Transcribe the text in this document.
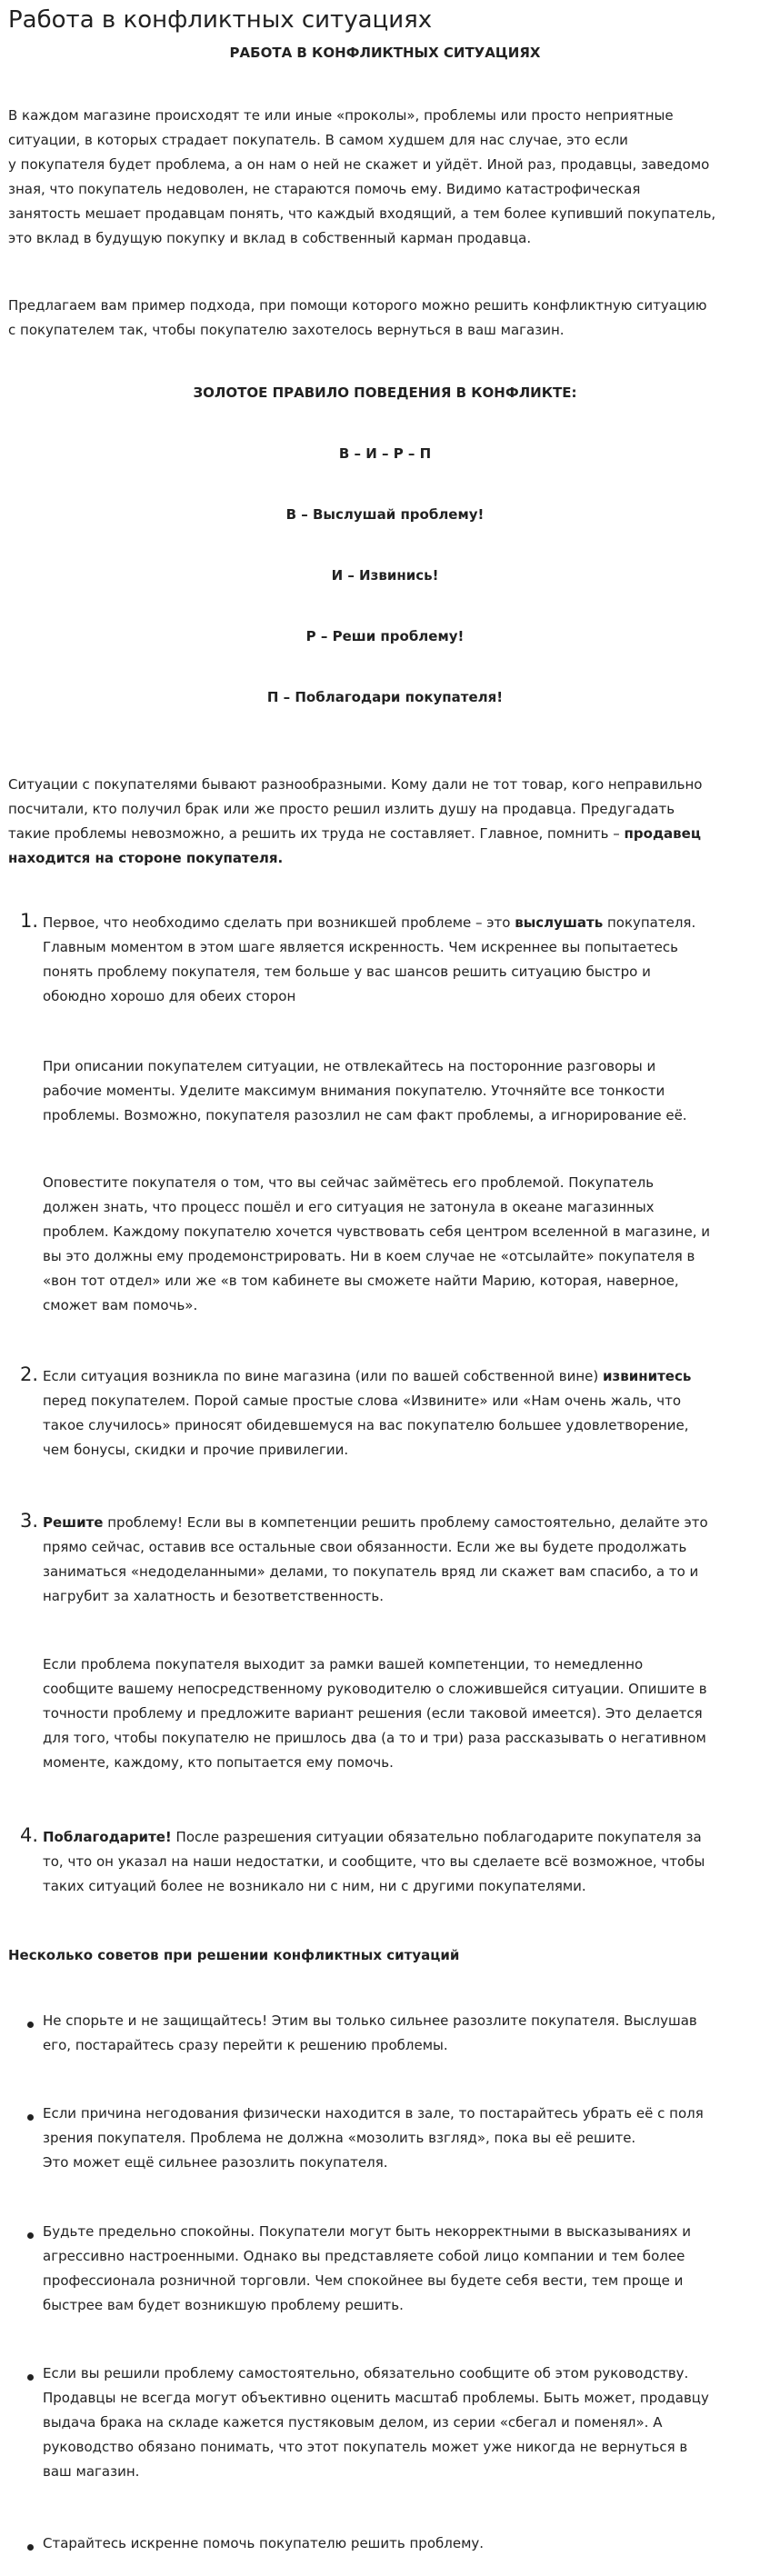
Работа в конфликтных ситуациях

РАБОТА В КОНФЛИКТНЫХ СИТУАЦИЯХ

В каждом магазине происходят те или иные «проколы», проблемы или просто неприятные
ситуации, в которых страдает покупатель. В самом худшем для нас случае, это если
у покупателя будет проблема, а он нам о ней не скажет и уйдёт. Иной раз, продавцы, заведомо
зная, что покупатель недоволен, не стараются помочь ему. Видимо катастрофическая
занятость мешает продавцам понять, что каждый входящий, а тем более купивший покупатель,
это вклад в будущую покупку и вклад в собственный карман продавца.
Предлагаем вам пример подхода, при помощи которого можно решить конфликтную ситуацию
с покупателем так, чтобы покупателю захотелось вернуться в ваш магазин.

ЗОЛОТОЕ ПРАВИЛО ПОВЕДЕНИЯ В КОНФЛИКТЕ:

В – И – Р – П

В – Выслушай проблему!

И – Извинись!

Р – Реши проблему!

П – Поблагодари покупателя!

Ситуации с покупателями бывают разнообразными. Кому дали не тот товар, кого неправильно
посчитали, кто получил брак или же просто решил излить душу на продавца. Предугадать
такие проблемы невозможно, а решить их труда не составляет. Главное, помнить – продавец
находится на стороне покупателя.
1. Первое, что необходимо сделать при возникшей проблеме – это выслушать покупателя.
Главным моментом в этом шаге является искренность. Чем искреннее вы попытаетесь
понять проблему покупателя, тем больше у вас шансов решить ситуацию быстро и
обоюдно хорошо для обеих сторон
При описании покупателем ситуации, не отвлекайтесь на посторонние разговоры и
рабочие моменты. Уделите максимум внимания покупателю. Уточняйте все тонкости
проблемы. Возможно, покупателя разозлил не сам факт проблемы, а игнорирование её.
Оповестите покупателя о том, что вы сейчас займётесь его проблемой. Покупатель
должен знать, что процесс пошёл и его ситуация не затонула в океане магазинных
проблем. Каждому покупателю хочется чувствовать себя центром вселенной в магазине, и
вы это должны ему продемонстрировать. Ни в коем случае не «отсылайте» покупателя в
«вон тот отдел» или же «в том кабинете вы сможете найти Марию, которая, наверное,
сможет вам помочь».
2. Если ситуация возникла по вине магазина (или по вашей собственной вине) извинитесь
перед покупателем. Порой самые простые слова «Извините» или «Нам очень жаль, что
такое случилось» приносят обидевшемуся на вас покупателю большее удовлетворение,
чем бонусы, скидки и прочие привилегии.
3. Решите проблему! Если вы в компетенции решить проблему самостоятельно, делайте это
прямо сейчас, оставив все остальные свои обязанности. Если же вы будете продолжать
заниматься «недоделанными» делами, то покупатель вряд ли скажет вам спасибо, а то и
нагрубит за халатность и безответственность.
Если проблема покупателя выходит за рамки вашей компетенции, то немедленно
сообщите вашему непосредственному руководителю о сложившейся ситуации. Опишите в
точности проблему и предложите вариант решения (если таковой имеется). Это делается
для того, чтобы покупателю не пришлось два (а то и три) раза рассказывать о негативном
моменте, каждому, кто попытается ему помочь.
4. Поблагодарите! После разрешения ситуации обязательно поблагодарите покупателя за
то, что он указал на наши недостатки, и сообщите, что вы сделаете всё возможное, чтобы
таких ситуаций более не возникало ни с ним, ни с другими покупателями.

Несколько советов при решении конфликтных ситуаций

Не спорьте и не защищайтесь! Этим вы только сильнее разозлите покупателя. Выслушав
его, постарайтесь сразу перейти к решению проблемы.
Если причина негодования физически находится в зале, то постарайтесь убрать её с поля
зрения покупателя. Проблема не должна «мозолить взгляд», пока вы её решите.
Это может ещё сильнее разозлить покупателя.
Будьте предельно спокойны. Покупатели могут быть некорректными в высказываниях и
агрессивно настроенными. Однако вы представляете собой лицо компании и тем более
профессионала розничной торговли. Чем спокойнее вы будете себя вести, тем проще и
быстрее вам будет возникшую проблему решить.
Если вы решили проблему самостоятельно, обязательно сообщите об этом руководству.
Продавцы не всегда могут объективно оценить масштаб проблемы. Быть может, продавцу
выдача брака на складе кажется пустяковым делом, из серии «сбегал и поменял». А
руководство обязано понимать, что этот покупатель может уже никогда не вернуться в
ваш магазин.
Старайтесь искренне помочь покупателю решить проблему.
